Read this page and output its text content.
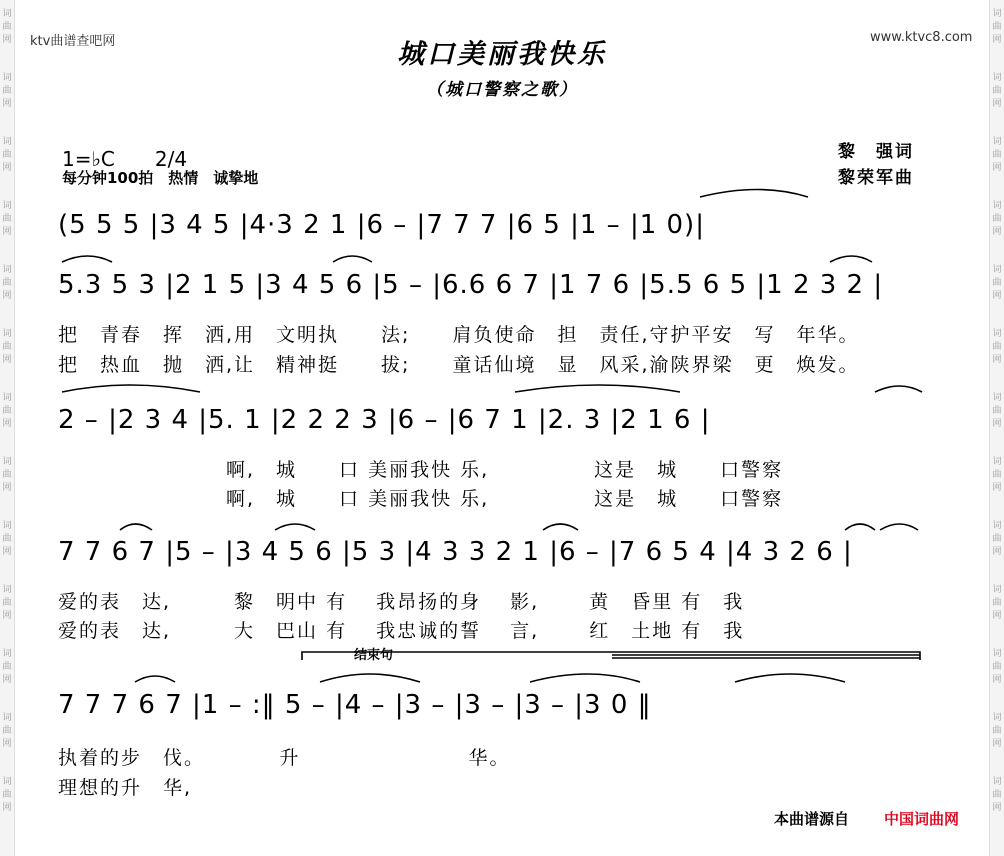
词
曲
网
词
曲
网
词
曲
网
词
曲
网
词
曲
网
词
曲
网
词
曲
网
词
曲
网
词
曲
网
词
曲
网
词
曲
网
词
曲
网
词
曲
网
词
曲
网
词
曲
网
词
曲
网
词
曲
网
词
曲
网
词
曲
网
词
曲
网
词
曲
网
词
曲
网
词
曲
网
词
曲
网
词
曲
网
词
曲
网
ktv曲谱查吧网	www.ktvc8.com
城口美丽我快乐
（城口警察之歌）
1=♭C　　2/4
每分钟100拍　热情　诚挚地
黎　强词
黎荣军曲
(5 5 5 |3 4 5 |4·3 2 1 |6 – |7 7 7 |6 5 |1 – |1 0)|
5.3 5 3 |2 1 5 |3 4 5 6 |5 – |6.6 6 7 |1 7 6 |5.5 6 5 |1 2 3 2 |
把　青春　挥　洒,用　文明执　　法;　　肩负使命　担　责任,守护平安　写　年华。
把　热血　抛　洒,让　精神挺　　拔;　　童话仙境　显　风采,渝陕界梁　更　焕发。
2 – |2 3 4 |5. 1 |2 2 2 3 |6 – |6 7 1 |2. 3 |2 1 6 |
　　　　　　　　啊,　城　　口 美丽我快 乐,　　　　　这是　城　　口警察
　　　　　　　　啊,　城　　口 美丽我快 乐,　　　　　这是　城　　口警察
7 7 6 7 |5 – |3 4 5 6 |5 3 |4 3 3 2 1 |6 – |7 6 5 4 |4 3 2 6 |
爱的表　达,　　　黎　明中 有　 我昂扬的身　 影,　　 黄　昏里 有　我
爱的表　达,　　　大　巴山 有　 我忠诚的誓　 言,　　 红　土地 有　我
结束句
7 7 7 6 7 |1 – :‖ 5 – |4 – |3 – |3 – |3 – |3 0 ‖
执着的步　伐。　　　　升　　　　　　　　华。
理想的升　华,
本曲谱源自 中国词曲网
